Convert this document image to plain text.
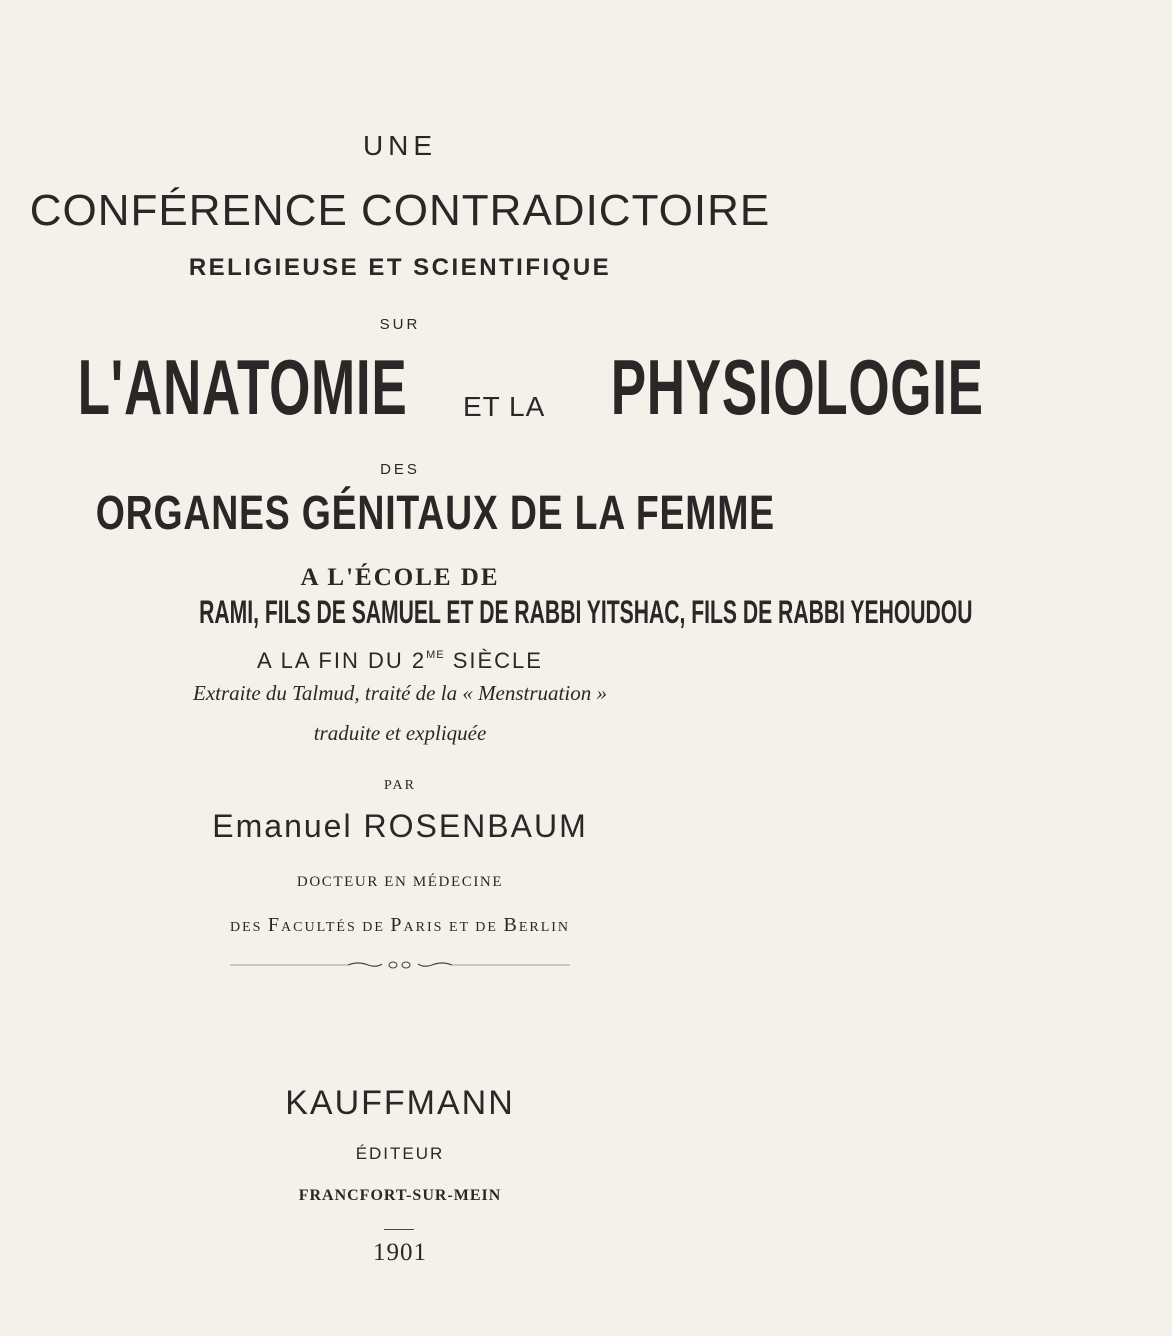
UNE
CONFÉRENCE CONTRADICTOIRE
RELIGIEUSE ET SCIENTIFIQUE
SUR
L'ANATOMIE ET LA PHYSIOLOGIE
DES
ORGANES GÉNITAUX DE LA FEMME
A L'ÉCOLE DE
RAMI, FILS DE SAMUEL ET DE RABBI YITSHAC, FILS DE RABBI YEHOUDOU
A LA FIN DU $2^{ME}$ SIÈCLE
Extraite du Talmud, traité de la « Menstruation »
traduite et expliquée
PAR
Emanuel ROSENBAUM
DOCTEUR EN MÉDECINE
DES FACULTÉS DE PARIS ET DE BERLIN
KAUFFMANN
ÉDITEUR
FRANCFORT-SUR-MEIN
1901
